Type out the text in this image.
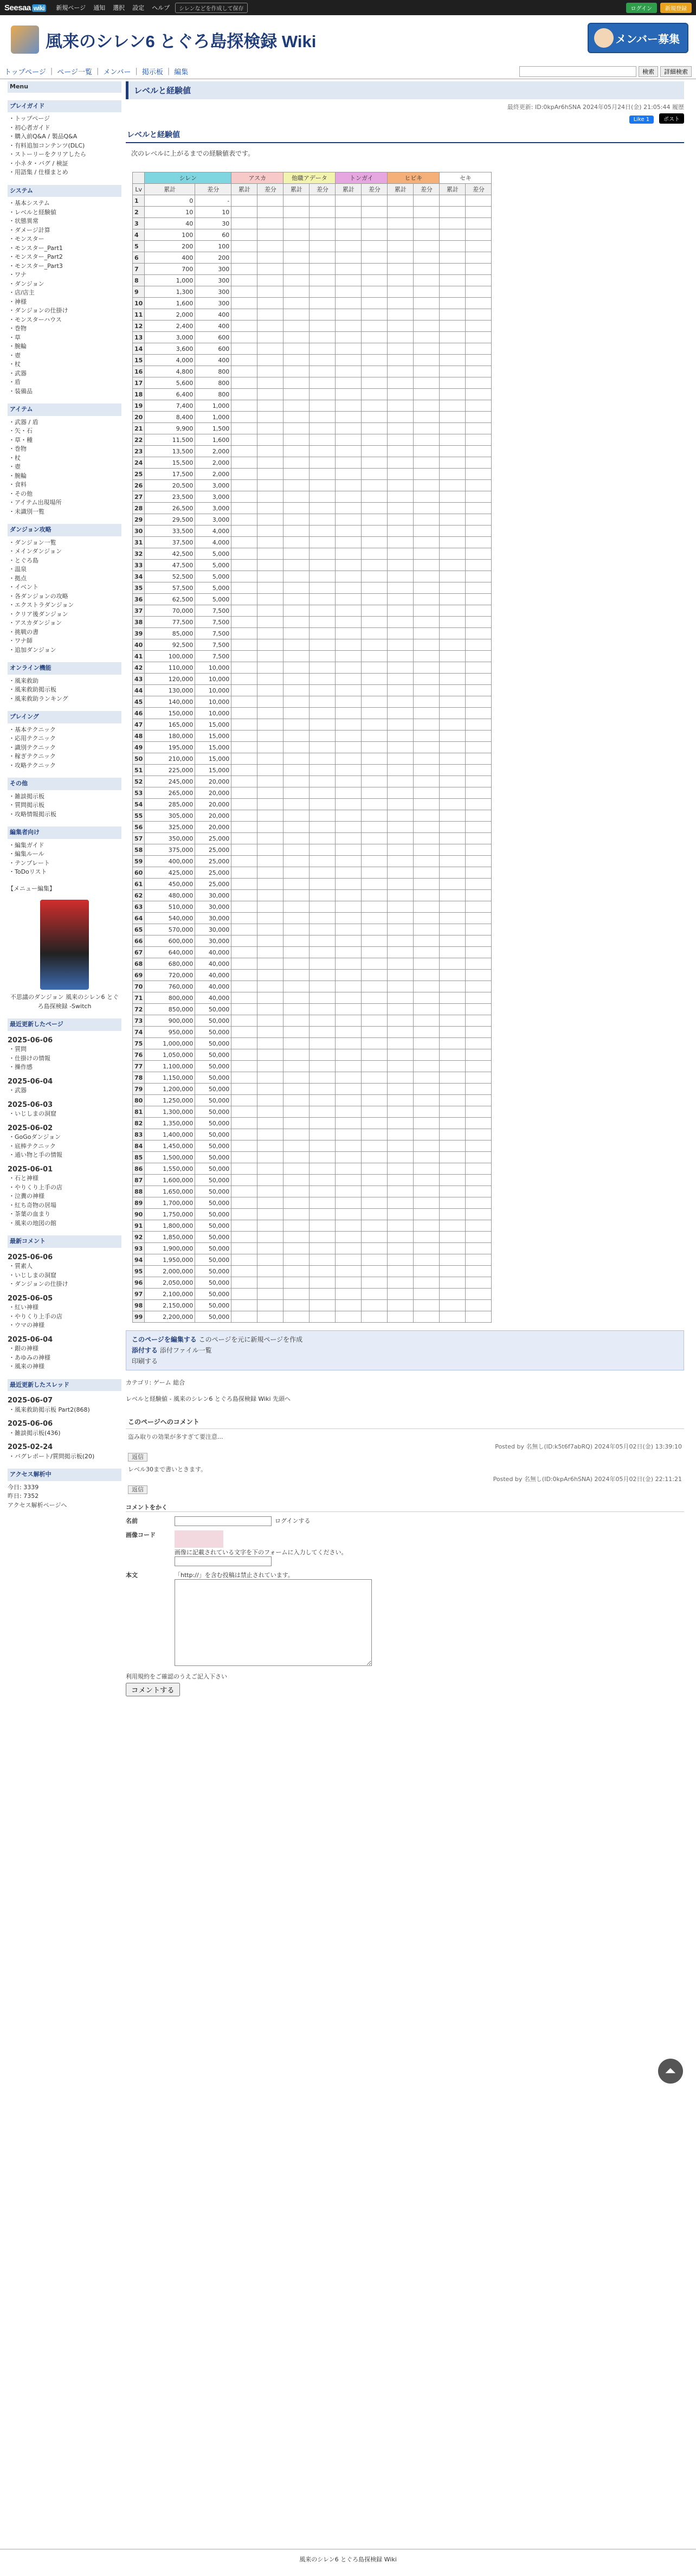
Seesaa wiki 新規ページ 通知 選択 設定 ヘルプ	シレンなどを作成して保存	ログイン	新規登録
風来のシレン6 とぐろ島探検録 Wiki	メンバー募集
トップページ | ページ一覧 | メンバー | 掲示板 | 編集	検索	詳細検索
Menu
プレイガイド
・トップページ
・初心者ガイド
・購入前Q&A / 製品Q&A
・有料追加コンテンツ(DLC)
・ストーリーをクリアしたら
・小ネタ・バグ / 検証
・用語集 / 仕様まとめ
システム
・基本システム
・レベルと経験値
・状態異常
・ダメージ計算
・モンスター
・モンスター_Part1
・モンスター_Part2
・モンスター_Part3
・ワナ
・ダンジョン
・店/店主
・神様
・ダンジョンの仕掛け
・モンスターハウス
・巻物
・草
・腕輪
・壺
・杖
・武器
・盾
・装備品
アイテム
・武器 / 盾
・矢・石
・草・種
・巻物
・杖
・壺
・腕輪
・食料
・その他
・アイテム出現場所
・未識別一覧
ダンジョン攻略
・ダンジョン一覧
・メインダンジョン
・とぐろ島
・温泉
・拠点
・イベント
・各ダンジョンの攻略
・エクストラダンジョン
・クリア後ダンジョン
・アスカダンジョン
・挑戦の書
・ワナ師
・追加ダンジョン
オンライン機能
・風来救助
・風来救助掲示板
・風来救助ランキング
プレイング
・基本テクニック
・応用テクニック
・識別テクニック
・稼ぎテクニック
・攻略テクニック
その他
・雑談掲示板
・質問掲示板
・攻略情報掲示板
編集者向け
・編集ガイド
・編集ルール
・テンプレート
・ToDoリスト
【メニュー編集】
不思議のダンジョン 風来のシレン6 とぐろ島探検録 -Switch
最近更新したページ
2025-06-06
・質問
・仕掛けの情報
・操作感
2025-06-04
・武器
2025-06-03
・いじしまの洞窟
2025-06-02
・GoGoダンジョン
・底棒テクニック
・通い物と手の情報
2025-06-01
・石と神様
・やりくり上手の店
・泣糞の神様
・紅ち奇物の居場
・茶葉の血まり
・風来の地図の館
最新コメント
2025-06-06
・質素人
・いじしまの洞窟
・ダンジョンの仕掛け
2025-06-05
・紅い神様
・やりくり上手の店
・ウマの神様
2025-06-04
・銀の神様
・あゆみの神様
・風来の神様
最近更新したスレッド
2025-06-07
・風来救助掲示板 Part2(868)
2025-06-06
・雑談掲示板(436)
2025-02-24
・バグレポート/質問掲示板(20)
アクセス解析中
今日: 3339
昨日: 7352
アクセス解析ページへ
レベルと経験値
最終更新: ID:0kpAr6hSNA 2024年05月24日(金) 21:05:44 履歴
Like 1	ポスト
レベルと経験値
次のレベルに上がるまでの経験値表です。
	シレン		アスカ		他職アデータ		トンガイ		ヒビキ		セキ	
Lv	累計	差分	累計	差分	累計	差分	累計	差分	累計	差分	累計	差分
1	0	-										
2	10	10										
3	40	30										
4	100	60										
5	200	100										
6	400	200										
7	700	300										
8	1,000	300										
9	1,300	300										
10	1,600	300										
11	2,000	400										
12	2,400	400										
13	3,000	600										
14	3,600	600										
15	4,000	400										
16	4,800	800										
17	5,600	800										
18	6,400	800										
19	7,400	1,000										
20	8,400	1,000										
21	9,900	1,500										
22	11,500	1,600										
23	13,500	2,000										
24	15,500	2,000										
25	17,500	2,000										
26	20,500	3,000										
27	23,500	3,000										
28	26,500	3,000										
29	29,500	3,000										
30	33,500	4,000										
31	37,500	4,000										
32	42,500	5,000										
33	47,500	5,000										
34	52,500	5,000										
35	57,500	5,000										
36	62,500	5,000										
37	70,000	7,500										
38	77,500	7,500										
39	85,000	7,500										
40	92,500	7,500										
41	100,000	7,500										
42	110,000	10,000										
43	120,000	10,000										
44	130,000	10,000										
45	140,000	10,000										
46	150,000	10,000										
47	165,000	15,000										
48	180,000	15,000										
49	195,000	15,000										
50	210,000	15,000										
51	225,000	15,000										
52	245,000	20,000										
53	265,000	20,000										
54	285,000	20,000										
55	305,000	20,000										
56	325,000	20,000										
57	350,000	25,000										
58	375,000	25,000										
59	400,000	25,000										
60	425,000	25,000										
61	450,000	25,000										
62	480,000	30,000										
63	510,000	30,000										
64	540,000	30,000										
65	570,000	30,000										
66	600,000	30,000										
67	640,000	40,000										
68	680,000	40,000										
69	720,000	40,000										
70	760,000	40,000										
71	800,000	40,000										
72	850,000	50,000										
73	900,000	50,000										
74	950,000	50,000										
75	1,000,000	50,000										
76	1,050,000	50,000										
77	1,100,000	50,000										
78	1,150,000	50,000										
79	1,200,000	50,000										
80	1,250,000	50,000										
81	1,300,000	50,000										
82	1,350,000	50,000										
83	1,400,000	50,000										
84	1,450,000	50,000										
85	1,500,000	50,000										
86	1,550,000	50,000										
87	1,600,000	50,000										
88	1,650,000	50,000										
89	1,700,000	50,000										
90	1,750,000	50,000										
91	1,800,000	50,000										
92	1,850,000	50,000										
93	1,900,000	50,000										
94	1,950,000	50,000										
95	2,000,000	50,000										
96	2,050,000	50,000										
97	2,100,000	50,000										
98	2,150,000	50,000										
99	2,200,000	50,000										
このページを編集する このページを元に新規ページを作成
添付する 添付ファイル一覧
印刷する
カテゴリ: ゲーム 総合
レベルと経験値 - 風来のシレン6 とぐろ島探検録 Wiki 先頭へ
このページへのコメント
盗み取りの効果が多すぎて要注意...
Posted by 名無し(ID:k5t6f7abRQ) 2024年05月02日(金) 13:39:10
返信
レベル30まで書いときます。
Posted by 名無し(ID:0kpAr6hSNA) 2024年05月02日(金) 22:11:21
返信
コメントをかく
名前	ログインする
画像コード
画像に記載されている文字を下のフォームに入力してください。
本文	「http://」を含む投稿は禁止されています。
利用規約をご確認のうえご記入下さい
コメントする
⏶
風来のシレン6 とぐろ島探検録 Wiki
